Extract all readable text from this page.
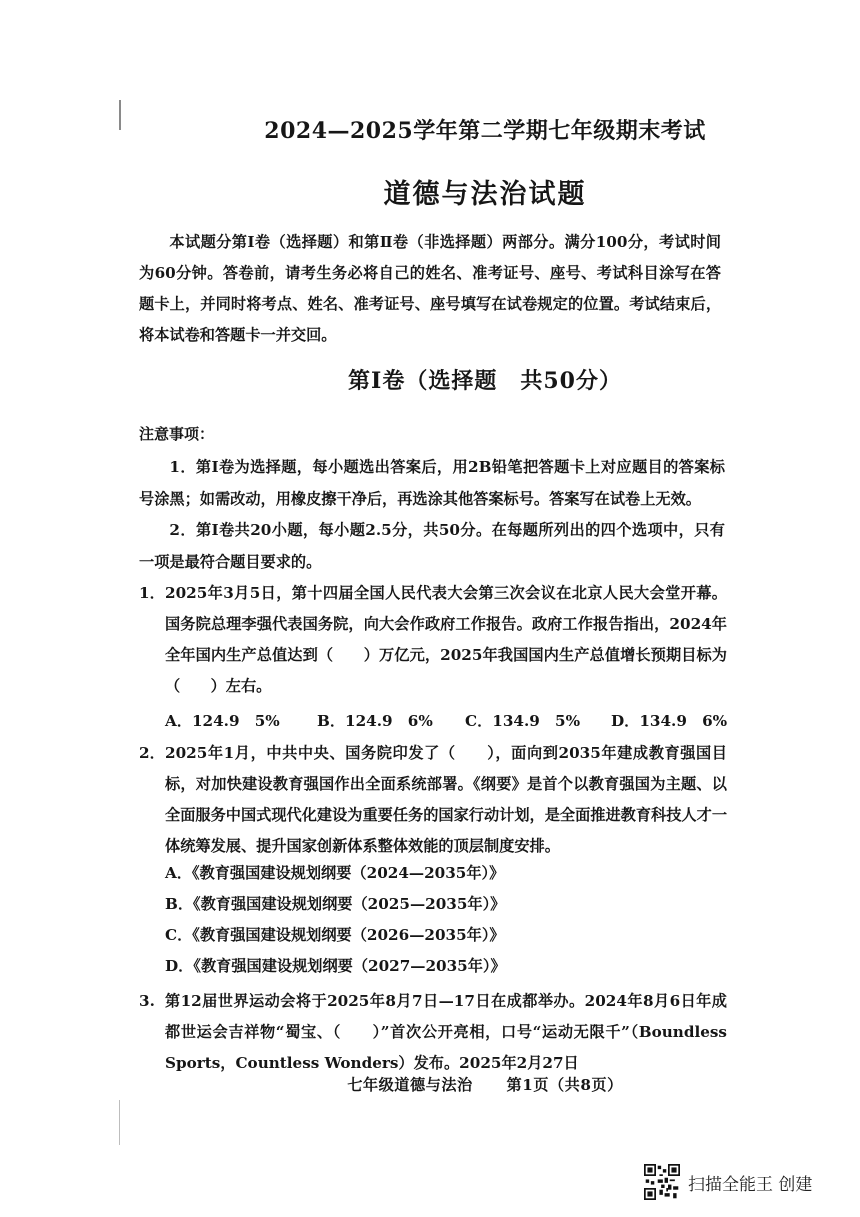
2024—2025学年第二学期七年级期末考试
道德与法治试题
本试题分第Ⅰ卷（选择题）和第Ⅱ卷（非选择题）两部分。满分100分，考试时间为60分钟。答卷前，请考生务必将自己的姓名、准考证号、座号、考试科目涂写在答题卡上，并同时将考点、姓名、准考证号、座号填写在试卷规定的位置。考试结束后，将本试卷和答题卡一并交回。
第Ⅰ卷（选择题　共50分）
注意事项：
1．第Ⅰ卷为选择题，每小题选出答案后，用2B铅笔把答题卡上对应题目的答案标号涂黑；如需改动，用橡皮擦干净后，再选涂其他答案标号。答案写在试卷上无效。
2．第Ⅰ卷共20小题，每小题2.5分，共50分。在每题所列出的四个选项中，只有一项是最符合题目要求的。
1． 2025年3月5日，第十四届全国人民代表大会第三次会议在北京人民大会堂开幕。国务院总理李强代表国务院，向大会作政府工作报告。政府工作报告指出，2024年全年国内生产总值达到（　　）万亿元，2025年我国国内生产总值增长预期目标为（　　）左右。
A．124.9　5% B．124.9　6% C．134.9　5% D．134.9　6%
2． 2025年1月，中共中央、国务院印发了（　　），面向到2035年建成教育强国目标，对加快建设教育强国作出全面系统部署。《纲要》是首个以教育强国为主题、以全面服务中国式现代化建设为重要任务的国家行动计划，是全面推进教育科技人才一体统筹发展、提升国家创新体系整体效能的顶层制度安排。
A．《教育强国建设规划纲要（2024—2035年）》
B．《教育强国建设规划纲要（2025—2035年）》
C．《教育强国建设规划纲要（2026—2035年）》
D．《教育强国建设规划纲要（2027—2035年）》
3. 第12届世界运动会将于2025年8月7日—17日在成都举办。2024年8月6日年成都世运会吉祥物“蜀宝、（　　）”首次公开亮相，口号“运动无限千”（Boundless Sports，Countless Wonders）发布。2025年2月27日
七年级道德与法治 第1页（共8页）
扫描全能王 创建
